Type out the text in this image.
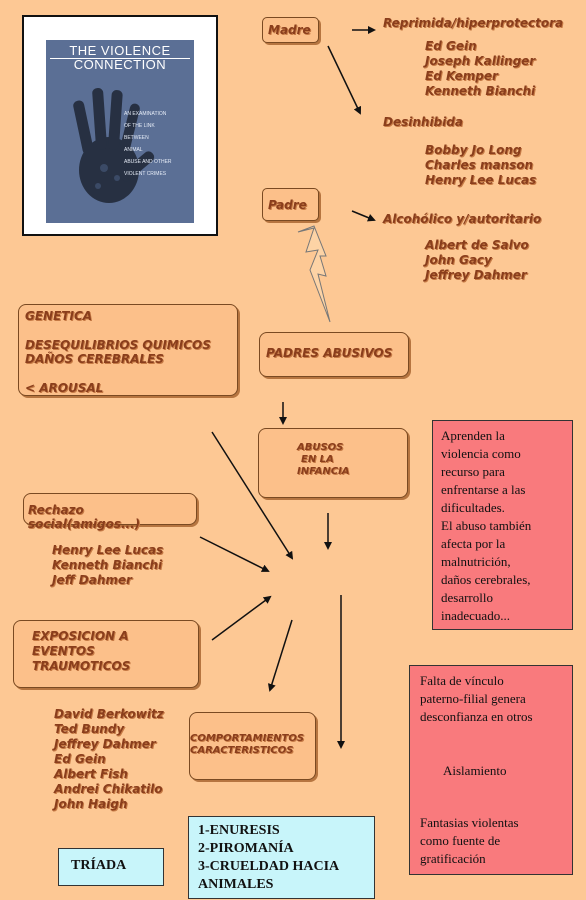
THE VIOLENCE
CONNECTION
AN EXAMINATION
OF THE LINK
BETWEEN
ANIMAL
ABUSE AND OTHER
VIOLENT CRIMES
Madre	Reprimida/hiperprotectora
Ed Gein
Joseph Kallinger
Ed Kemper
Kenneth Bianchi
Desinhibida
Bobby Jo Long
Charles manson
Henry Lee Lucas
Padre
Alcohólico y/autoritario
Albert de Salvo
John Gacy
Jeffrey Dahmer
GENETICA
DESEQUILIBRIOS QUIMICOS
DAÑOS CEREBRALES
< AROUSAL
PADRES ABUSIVOS
ABUSOS
EN LA
INFANCIA
Aprenden la
violencia como
recurso para
enfrentarse a las
dificultades.
El abuso también
afecta por la
malnutrición,
daños cerebrales,
desarrollo
inadecuado...
Rechazo social(amigos...)
Henry Lee Lucas
Kenneth Bianchi
Jeff Dahmer
EXPOSICION A
EVENTOS
TRAUMOTICOS
David Berkowitz
Ted Bundy
Jeffrey Dahmer
Ed Gein
Albert Fish
Andrei Chikatilo
John Haigh
COMPORTAMIENTOS
CARACTERISTICOS
Falta de vínculo
paterno-filial genera
desconfianza en otros
Aislamiento
Fantasias violentas
como fuente de
gratificación
TRÍADA
1-ENURESIS
2-PIROMANÍA
3-CRUELDAD HACIA
ANIMALES
